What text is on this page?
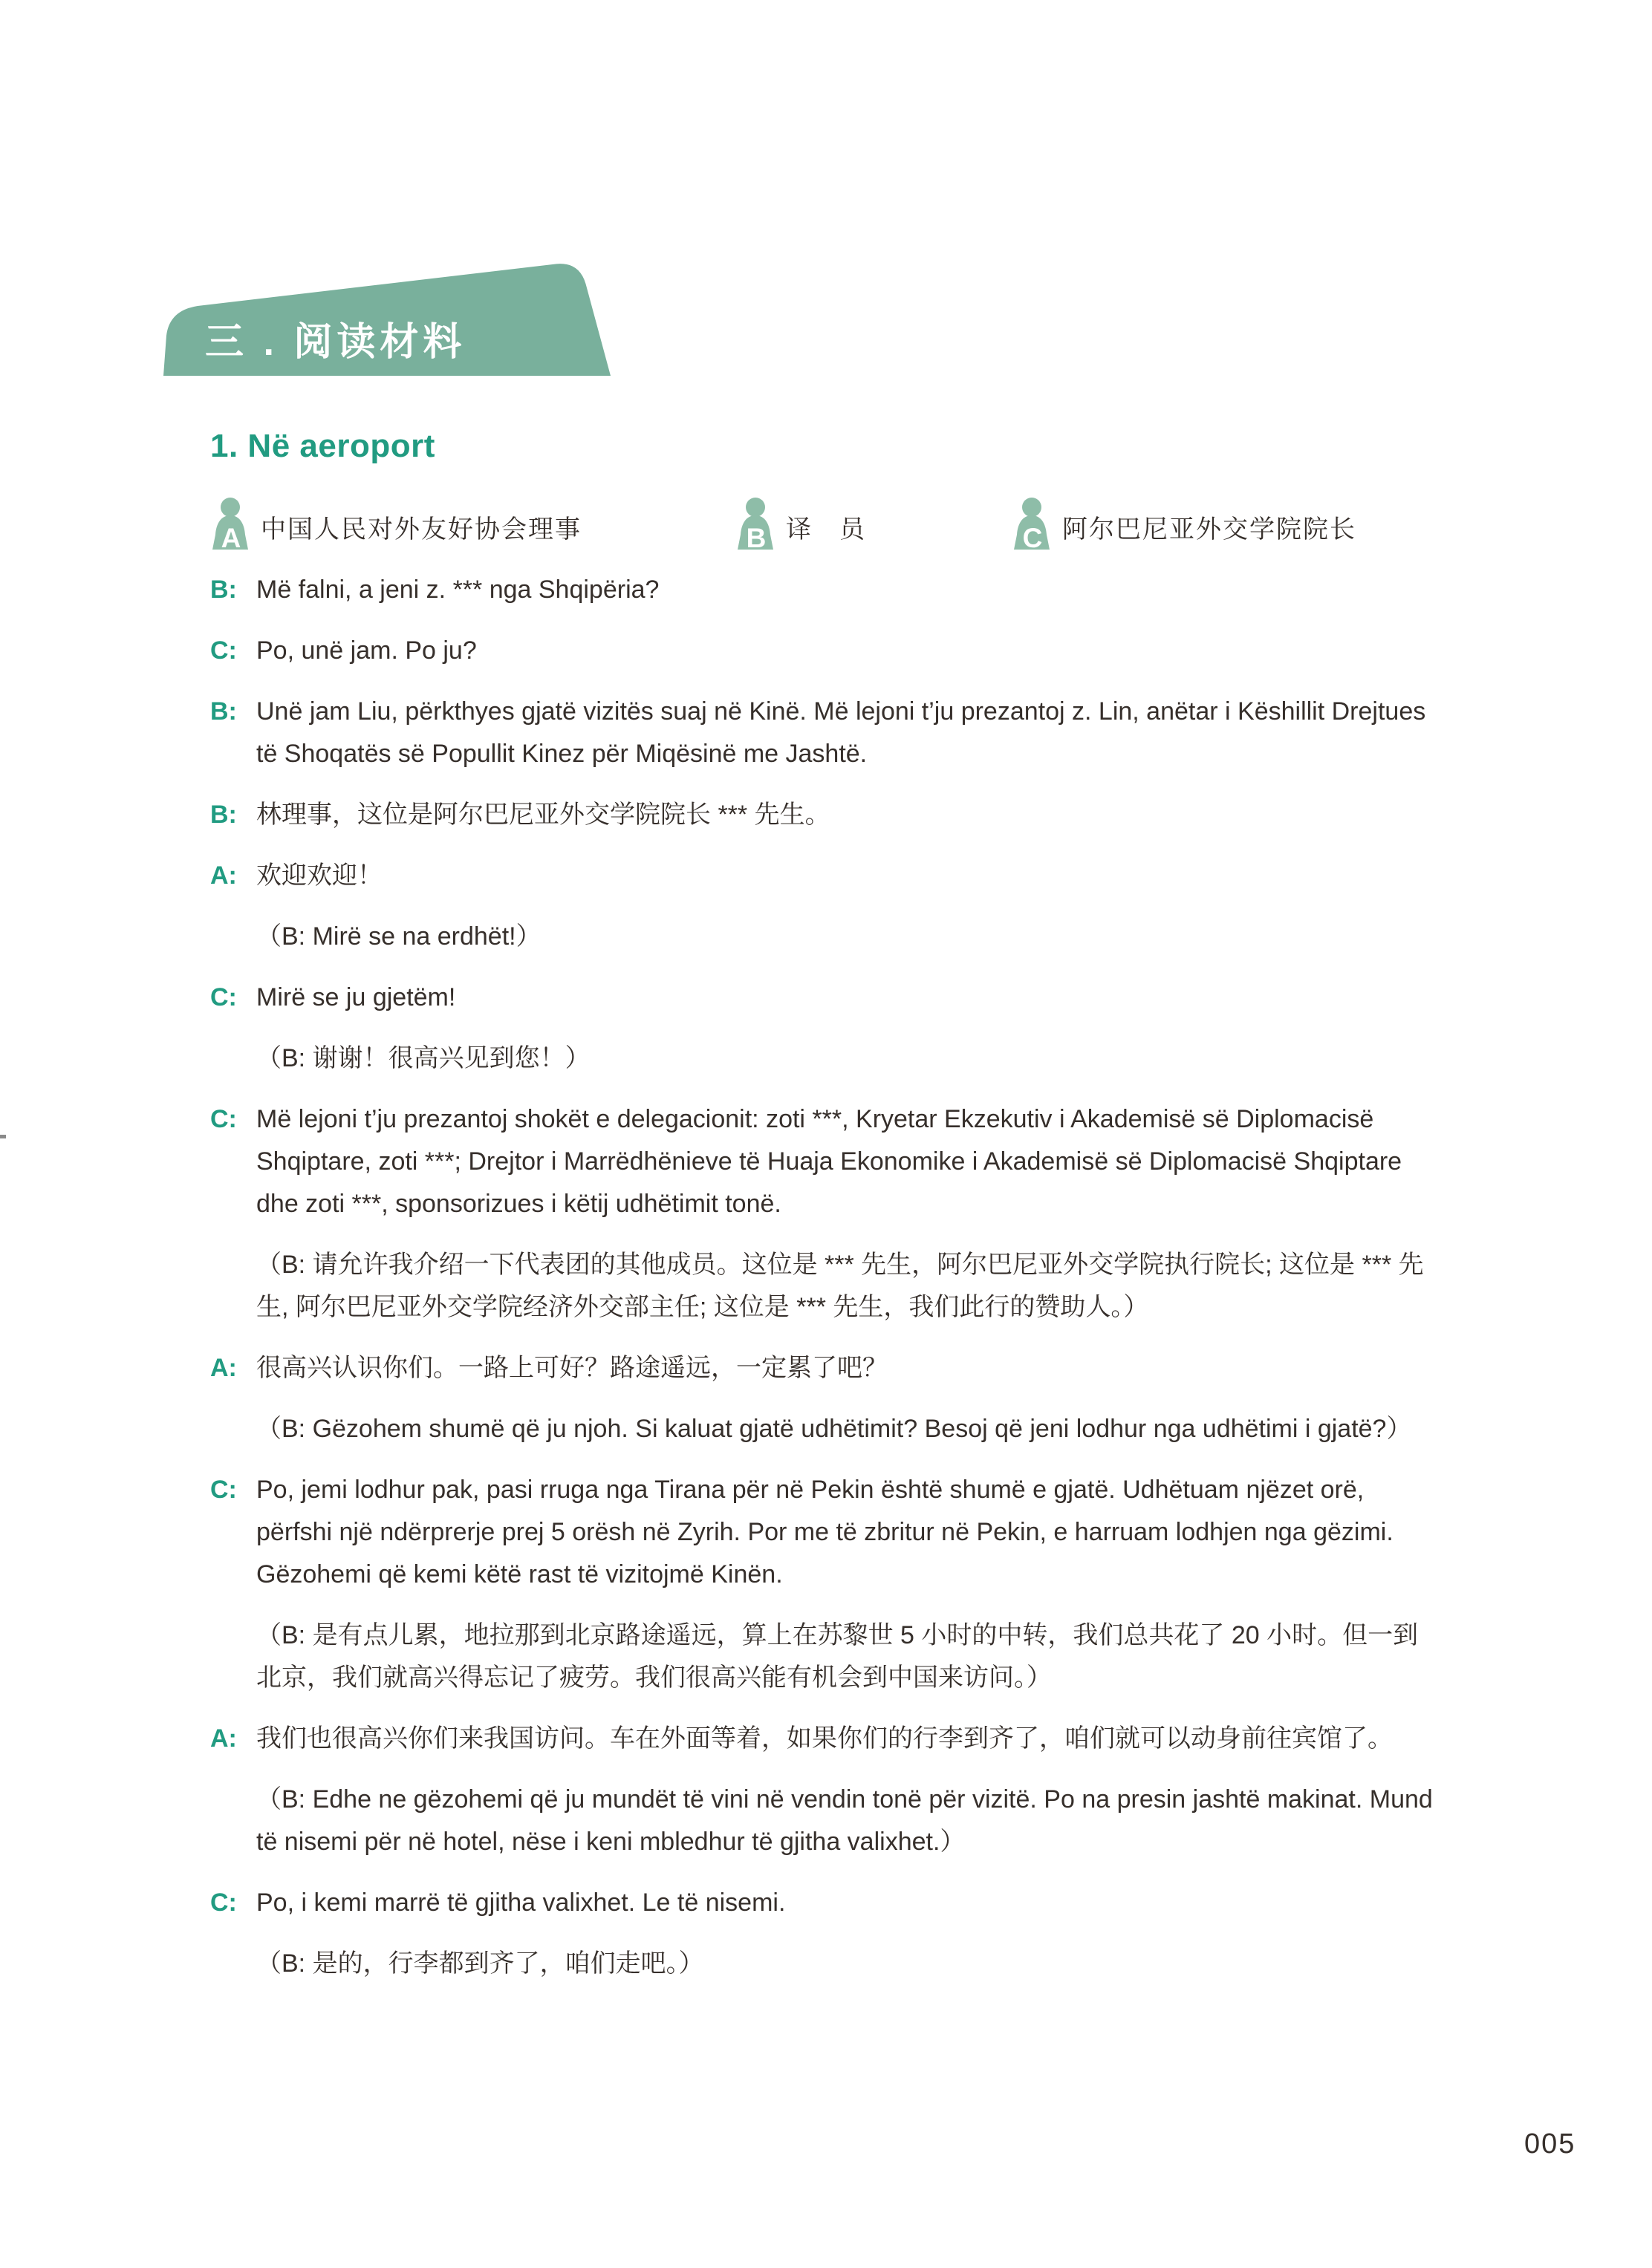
三 . 阅读材料
1. Në aeroport
A 中国人民对外友好协会理事	B 译　员	C 阿尔巴尼亚外交学院院长
B: Më falni, a jeni z. *** nga Shqipëria?
C: Po, unë jam. Po ju?
B: Unë jam Liu, përkthyes gjatë vizitës suaj në Kinë. Më lejoni t’ju prezantoj z. Lin, anëtar i Këshillit Drejtues të Shoqatës së Popullit Kinez për Miqësinë me Jashtë.
B: 林理事，这位是阿尔巴尼亚外交学院院长 *** 先生。
A: 欢迎欢迎！
（B: Mirë se na erdhët!）
C: Mirë se ju gjetëm!
（B: 谢谢！很高兴见到您！）
C: Më lejoni t’ju prezantoj shokët e delegacionit: zoti ***, Kryetar Ekzekutiv i Akademisë së Diplomacisë Shqiptare, zoti ***; Drejtor i Marrëdhënieve të Huaja Ekonomike i Akademisë së Diplomacisë Shqiptare dhe zoti ***, sponsorizues i këtij udhëtimit tonë.
（B: 请允许我介绍一下代表团的其他成员。这位是 *** 先生，阿尔巴尼亚外交学院执行院长; 这位是 *** 先生, 阿尔巴尼亚外交学院经济外交部主任; 这位是 *** 先生，我们此行的赞助人。）
A: 很高兴认识你们。一路上可好？路途遥远，一定累了吧？
（B: Gëzohem shumë që ju njoh. Si kaluat gjatë udhëtimit? Besoj që jeni lodhur nga udhëtimi i gjatë?）
C: Po, jemi lodhur pak, pasi rruga nga Tirana për në Pekin është shumë e gjatë. Udhëtuam njëzet orë, përfshi një ndërprerje prej 5 orësh në Zyrih. Por me të zbritur në Pekin, e harruam lodhjen nga gëzimi. Gëzohemi që kemi këtë rast të vizitojmë Kinën.
（B: 是有点儿累，地拉那到北京路途遥远，算上在苏黎世 5 小时的中转，我们总共花了 20 小时。但一到北京，我们就高兴得忘记了疲劳。我们很高兴能有机会到中国来访问。）
A: 我们也很高兴你们来我国访问。车在外面等着，如果你们的行李到齐了，咱们就可以动身前往宾馆了。
（B: Edhe ne gëzohemi që ju mundët të vini në vendin tonë për vizitë. Po na presin jashtë makinat. Mund të nisemi për në hotel, nëse i keni mbledhur të gjitha valixhet.）
C: Po, i kemi marrë të gjitha valixhet. Le të nisemi.
（B: 是的，行李都到齐了，咱们走吧。）
005
